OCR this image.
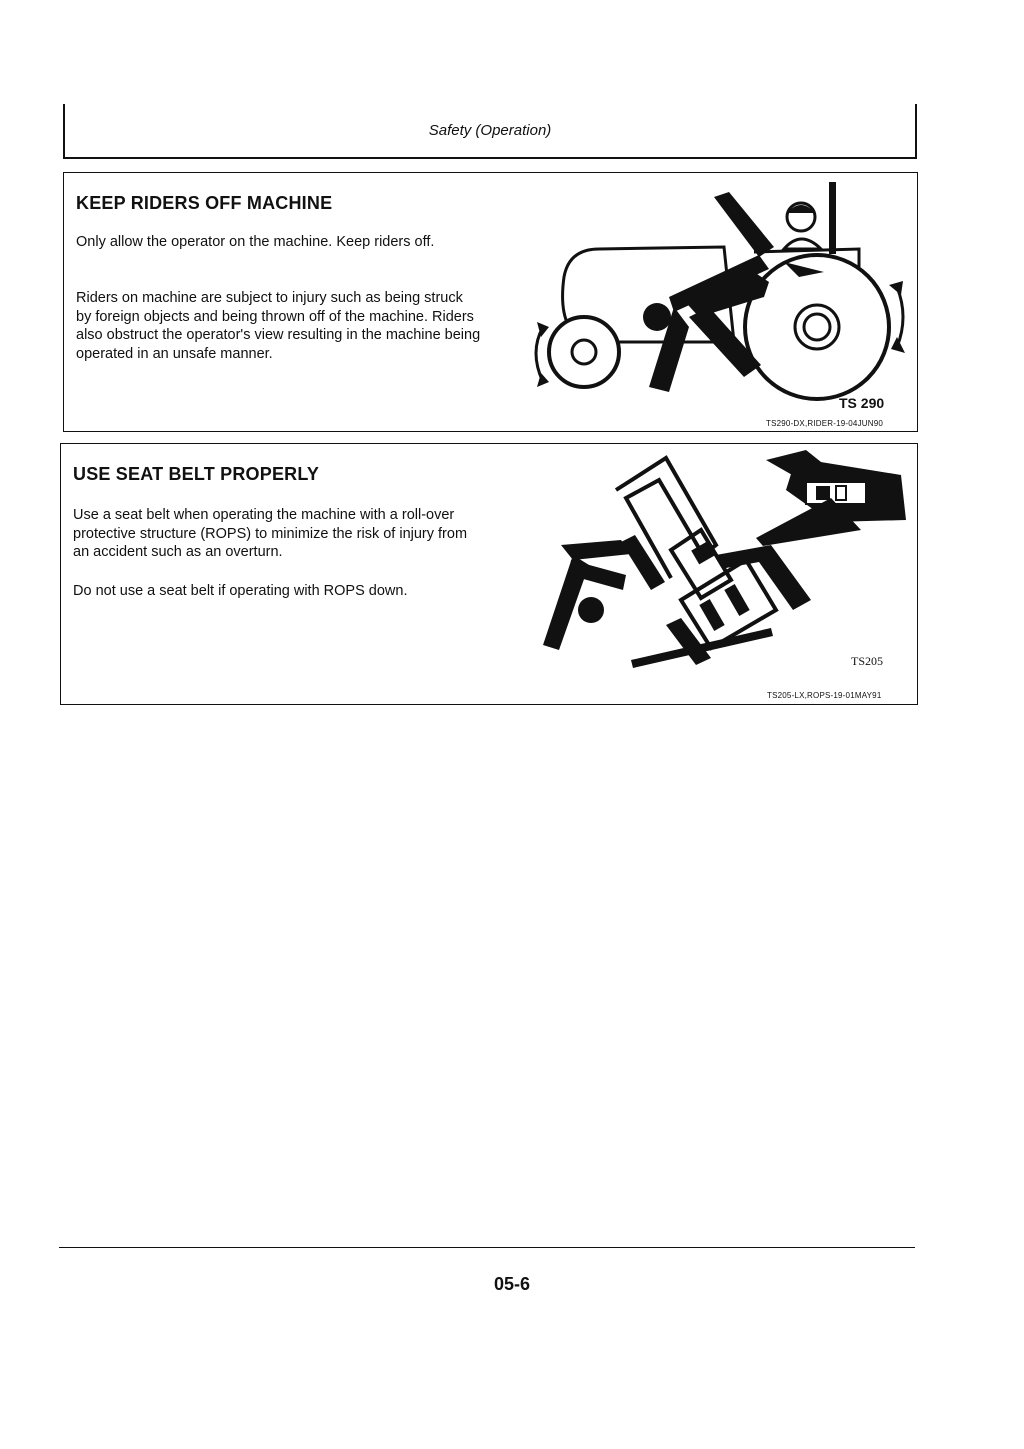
Safety (Operation)
KEEP RIDERS OFF MACHINE

Only allow the operator on the machine. Keep riders off.

Riders on machine are subject to injury such as being struck by foreign objects and being thrown off of the machine. Riders also obstruct the operator's view resulting in the machine being operated in an unsafe manner.

TS 290
TS290-DX,RIDER-19-04JUN90
USE SEAT BELT PROPERLY

Use a seat belt when operating the machine with a roll-over protective structure (ROPS) to minimize the risk of injury from an accident such as an overturn.

Do not use a seat belt if operating with ROPS down.

TS205
TS205-LX,ROPS-19-01MAY91
05-6
